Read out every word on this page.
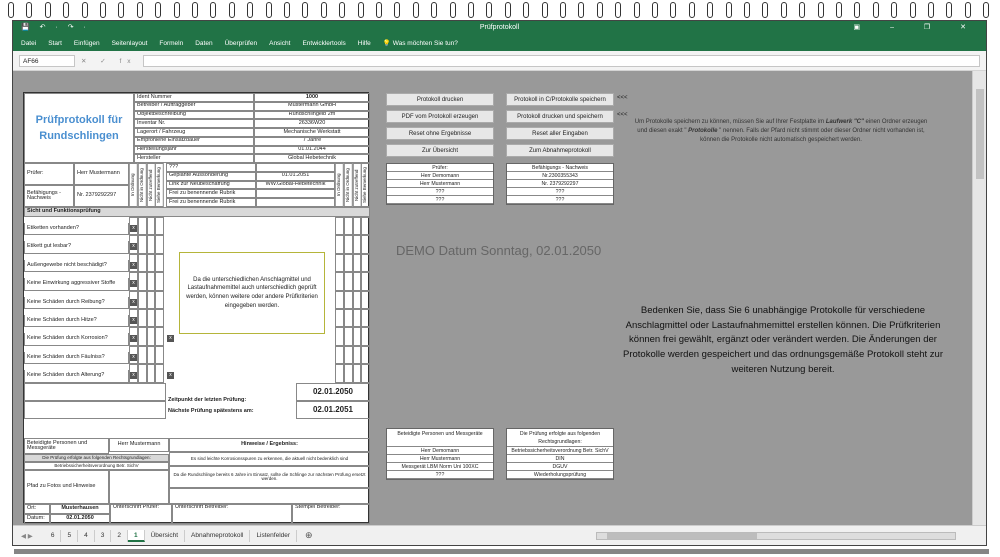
💾 ↶ · ↷ ·	Prüfprotokoll	▣ – ❐ ✕
Datei Start Einfügen Seitenlayout Formeln Daten Überprüfen Ansicht Entwicklertools Hilfe 💡 Was möchten Sie tun?
AF66	✕ ✓ fx
Prüfprotokoll für Rundschlingen
Ident Nummer	1000
Betreiber / Auftraggeber	Mustermann GmbH
Objektbeschreibung	Rundschlingelb 2m
Inventar Nr.	26336W20
Lagerort / Fahrzeug	Mechanische Werkstatt
Empfohlene Einsatzdauer	7 Jahre
Herstellungsjahr	01.01.2044
Hersteller	Global Hebetechnik
Prüfer:	Herr Mustermann
Befähigungs - Nachweis	Nr. 2379292297	In Ordnung Nicht in Ordnung Nicht zutreffend Siehe Bemerkung	In Ordnung Nicht in Ordnung Nicht zutreffend Siehe Bemerkung
???
Geplante Aussonderung	01.01.2051
Link zur Neubeschaffung	WW.Global-Hebetechnik
Frei zu benennende Rubrik
Frei zu benennende Rubrik
Sicht und Funktionsprüfung
Etiketten vorhanden?	x
Etikett gut lesbar?	x
Außengewebe nicht beschädigt?	x
Keine Einwirkung aggressiver Stoffe	x
Keine Schäden durch Reibung?	x
Keine Schäden durch Hitze?	x
Keine Schäden durch Korrosion?	x	x
Keine Schäden durch Fäulniss?	x
Keine Schäden durch Alterung?	x	x
Da die unterschiedlichen Anschlagmittel und Lastaufnahmemittel auch unterschiedlich geprüft werden, können weitere oder andere Prüfkriterien eingegeben werden.
Zeitpunkt der letzten Prüfung:
02.01.2050
Nächste Prüfung spätestens am:	02.01.2051
Beteidigte Personen und Messgeräte
Herr Mustermann
Die Prüfung erfolgte aus folgenden Rechtsgrundlagen:
Betriebssicherheitsverordnung Betr. SichV
Hinweise / Ergebniss:
Es sind leichte Korrosionsspuren zu erkennen, die aktuell nicht bedenklich sind
Da die Rundschlinge bereits 6 Jahre im Einsatz, sollte die Schlinge zur nächsten Prüfung ersetzt werden.
Pfad zu Fotos und Hinweise
Ort:	Musterhausen
Datum:	02.01.2050
Unterschrift Prüfer:	Unterschrift Betreiber:	Stempel Betreiber:
Protokoll drucken	Protokoll in C/Protokolle speichern
PDF vom Protokoll erzeugen	Protokoll drucken und speichern
Reset ohne Ergebnisse	Reset aller Eingaben
Zur Übersicht	Zum Abnahmeprotokoll
<<<
<<<
Prüfer:
Herr Demomann
Herr Mustermann
???
???
Befähigungs - Nachweis
Nr.2300355343
Nr. 2379292297
???
???
DEMO Datum Sonntag, 02.01.2050
Um Protokolle speichern zu können, müssen Sie auf Ihrer Festplatte im Laufwerk "C" einen Ordner erzeugen und diesen exakt " Protokolle " nennen. Falls der Pfard nicht stimmt oder dieser Ordner nicht vorhanden ist, können die Protokolle nicht automatisch gespeichert werden.
Bedenken Sie, dass Sie 6 unabhängige Protokolle für verschiedene Anschlagmittel oder Lastaufnahmemittel erstellen können. Die Prüfkriterien können frei gewählt, ergänzt oder verändert werden. Die Änderungen der Protokolle werden gespeichert und das ordnungsgemäße Protokoll steht zur weiteren Nutzung bereit.
Beteidigte Personen und Messgeräte
Herr Demomann
Herr Mustermann
Messgerät LBM Norm Uni 100XC
???
Die Prüfung erfolgte aus folgenden Rechtsgrundlagen:
Betriebssicherheitsverordnung Betr. SichV
DIN
DGUV
Wiederholungsprüfung
◀ ▶	6	5	4	3	2	1	Übersicht	Abnahmeprotokoll	Listenfelder	⊕
